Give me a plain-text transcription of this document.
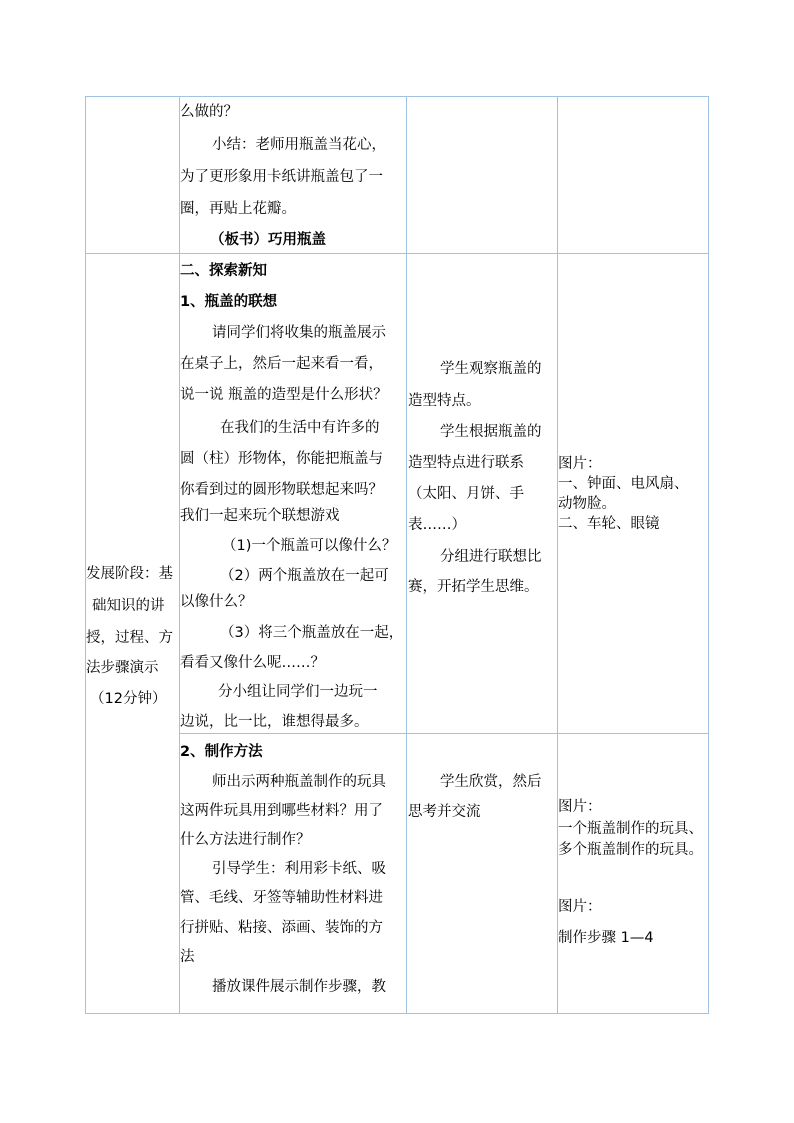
么做的？
小结：老师用瓶盖当花心，
为了更形象用卡纸讲瓶盖包了一
圈，再贴上花瓣。
（板书）巧用瓶盖
发展阶段：基
础知识的讲
授，过程、方
法步骤演示
（12分钟）
二、探索新知
1、瓶盖的联想
请同学们将收集的瓶盖展示
在桌子上，然后一起来看一看，
说一说 瓶盖的造型是什么形状？
在我们的生活中有许多的
圆（柱）形物体，你能把瓶盖与
你看到过的圆形物联想起来吗？
我们一起来玩个联想游戏
（1)一个瓶盖可以像什么？
（2）两个瓶盖放在一起可
以像什么？
（3）将三个瓶盖放在一起，
看看又像什么呢……？
分小组让同学们一边玩一
边说，比一比，谁想得最多。
学生观察瓶盖的
造型特点。
学生根据瓶盖的
造型特点进行联系
（太阳、月饼、手
表……）
分组进行联想比
赛，开拓学生思维。
图片：
一、钟面、电风扇、
动物脸。
二、车轮、眼镜
2、制作方法
师出示两种瓶盖制作的玩具
这两件玩具用到哪些材料？用了
什么方法进行制作？
引导学生：利用彩卡纸、吸
管、毛线、牙签等辅助性材料进
行拼贴、粘接、添画、装饰的方
法
播放课件展示制作步骤，教
学生欣赏，然后
思考并交流	图片：
一个瓶盖制作的玩具、
多个瓶盖制作的玩具。
图片：
制作步骤 1—4
